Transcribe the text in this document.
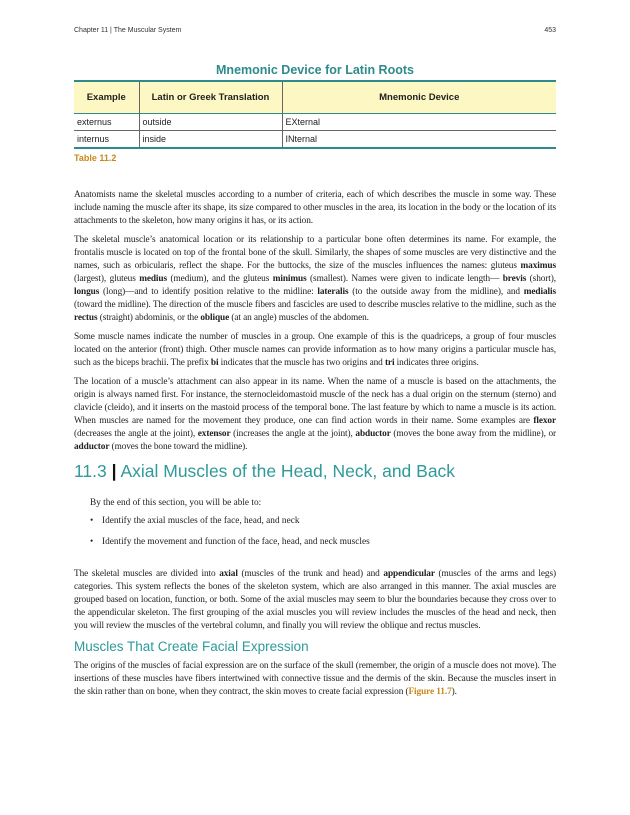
Chapter 11 | The Muscular System	453
Mnemonic Device for Latin Roots
Example	Latin or Greek Translation	Mnemonic Device
externus	outside	EXternal
internus	inside	INternal
Table 11.2

Anatomists name the skeletal muscles according to a number of criteria, each of which describes the muscle in some way. These include naming the muscle after its shape, its size compared to other muscles in the area, its location in the body or the location of its attachments to the skeleton, how many origins it has, or its action.

The skeletal muscle’s anatomical location or its relationship to a particular bone often determines its name. For example, the frontalis muscle is located on top of the frontal bone of the skull. Similarly, the shapes of some muscles are very distinctive and the names, such as orbicularis, reflect the shape. For the buttocks, the size of the muscles influences the names: gluteus maximus (largest), gluteus medius (medium), and the gluteus minimus (smallest). Names were given to indicate length— brevis (short), longus (long)—and to identify position relative to the midline: lateralis (to the outside away from the midline), and medialis (toward the midline). The direction of the muscle fibers and fascicles are used to describe muscles relative to the midline, such as the rectus (straight) abdominis, or the oblique (at an angle) muscles of the abdomen.

Some muscle names indicate the number of muscles in a group. One example of this is the quadriceps, a group of four muscles located on the anterior (front) thigh. Other muscle names can provide information as to how many origins a particular muscle has, such as the biceps brachii. The prefix bi indicates that the muscle has two origins and tri indicates three origins.

The location of a muscle’s attachment can also appear in its name. When the name of a muscle is based on the attachments, the origin is always named first. For instance, the sternocleidomastoid muscle of the neck has a dual origin on the sternum (sterno) and clavicle (cleido), and it inserts on the mastoid process of the temporal bone. The last feature by which to name a muscle is its action. When muscles are named for the movement they produce, one can find action words in their name. Some examples are flexor (decreases the angle at the joint), extensor (increases the angle at the joint), abductor (moves the bone away from the midline), or adductor (moves the bone toward the midline).

11.3 | Axial Muscles of the Head, Neck, and Back
By the end of this section, you will be able to:
• Identify the axial muscles of the face, head, and neck
• Identify the movement and function of the face, head, and neck muscles

The skeletal muscles are divided into axial (muscles of the trunk and head) and appendicular (muscles of the arms and legs) categories. This system reflects the bones of the skeleton system, which are also arranged in this manner. The axial muscles are grouped based on location, function, or both. Some of the axial muscles may seem to blur the boundaries because they cross over to the appendicular skeleton. The first grouping of the axial muscles you will review includes the muscles of the head and neck, then you will review the muscles of the vertebral column, and finally you will review the oblique and rectus muscles.

Muscles That Create Facial Expression

The origins of the muscles of facial expression are on the surface of the skull (remember, the origin of a muscle does not move). The insertions of these muscles have fibers intertwined with connective tissue and the dermis of the skin. Because the muscles insert in the skin rather than on bone, when they contract, the skin moves to create facial expression (Figure 11.7).
